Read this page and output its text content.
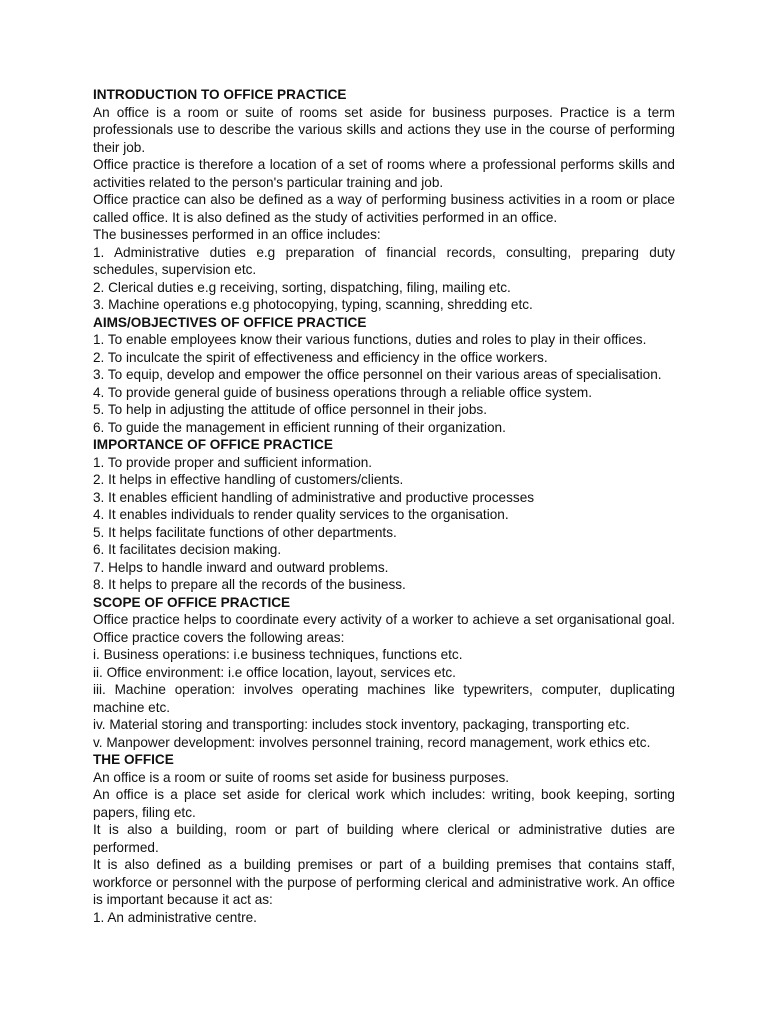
INTRODUCTION TO OFFICE PRACTICE

An office is a room or suite of rooms set aside for business purposes. Practice is a term professionals use to describe the various skills and actions they use in the course of performing their job.

Office practice is therefore a location of a set of rooms where a professional performs skills and activities related to the person's particular training and job.

Office practice can also be defined as a way of performing business activities in a room or place called office. It is also defined as the study of activities performed in an office.

The businesses performed in an office includes:

1. Administrative duties e.g preparation of financial records, consulting, preparing duty schedules, supervision etc.

2. Clerical duties e.g receiving, sorting, dispatching, filing, mailing etc.

3. Machine operations e.g photocopying, typing, scanning, shredding etc.

AIMS/OBJECTIVES OF OFFICE PRACTICE

1. To enable employees know their various functions, duties and roles to play in their offices.

2. To inculcate the spirit of effectiveness and efficiency in the office workers.

3. To equip, develop and empower the office personnel on their various areas of specialisation.

4. To provide general guide of business operations through a reliable office system.

5. To help in adjusting the attitude of office personnel in their jobs.

6. To guide the management in efficient running of their organization.

IMPORTANCE OF OFFICE PRACTICE

1. To provide proper and sufficient information.

2. It helps in effective handling of customers/clients.

3. It enables efficient handling of administrative and productive processes

4. It enables individuals to render quality services to the organisation.

5. It helps facilitate functions of other departments.

6. It facilitates decision making.

7. Helps to handle inward and outward problems.

8. It helps to prepare all the records of the business.

SCOPE OF OFFICE PRACTICE

Office practice helps to coordinate every activity of a worker to achieve a set organisational goal. Office practice covers the following areas:

i. Business operations: i.e business techniques, functions etc.

ii. Office environment: i.e office location, layout, services etc.

iii. Machine operation: involves operating machines like typewriters, computer, duplicating machine etc.

iv. Material storing and transporting: includes stock inventory, packaging, transporting etc.

v. Manpower development: involves personnel training, record management, work ethics etc.

THE OFFICE

An office is a room or suite of rooms set aside for business purposes.

An office is a place set aside for clerical work which includes: writing, book keeping, sorting papers, filing etc.

It is also a building, room or part of building where clerical or administrative duties are performed.

It is also defined as a building premises or part of a building premises that contains staff, workforce or personnel with the purpose of performing clerical and administrative work. An office is important because it act as:

1. An administrative centre.
